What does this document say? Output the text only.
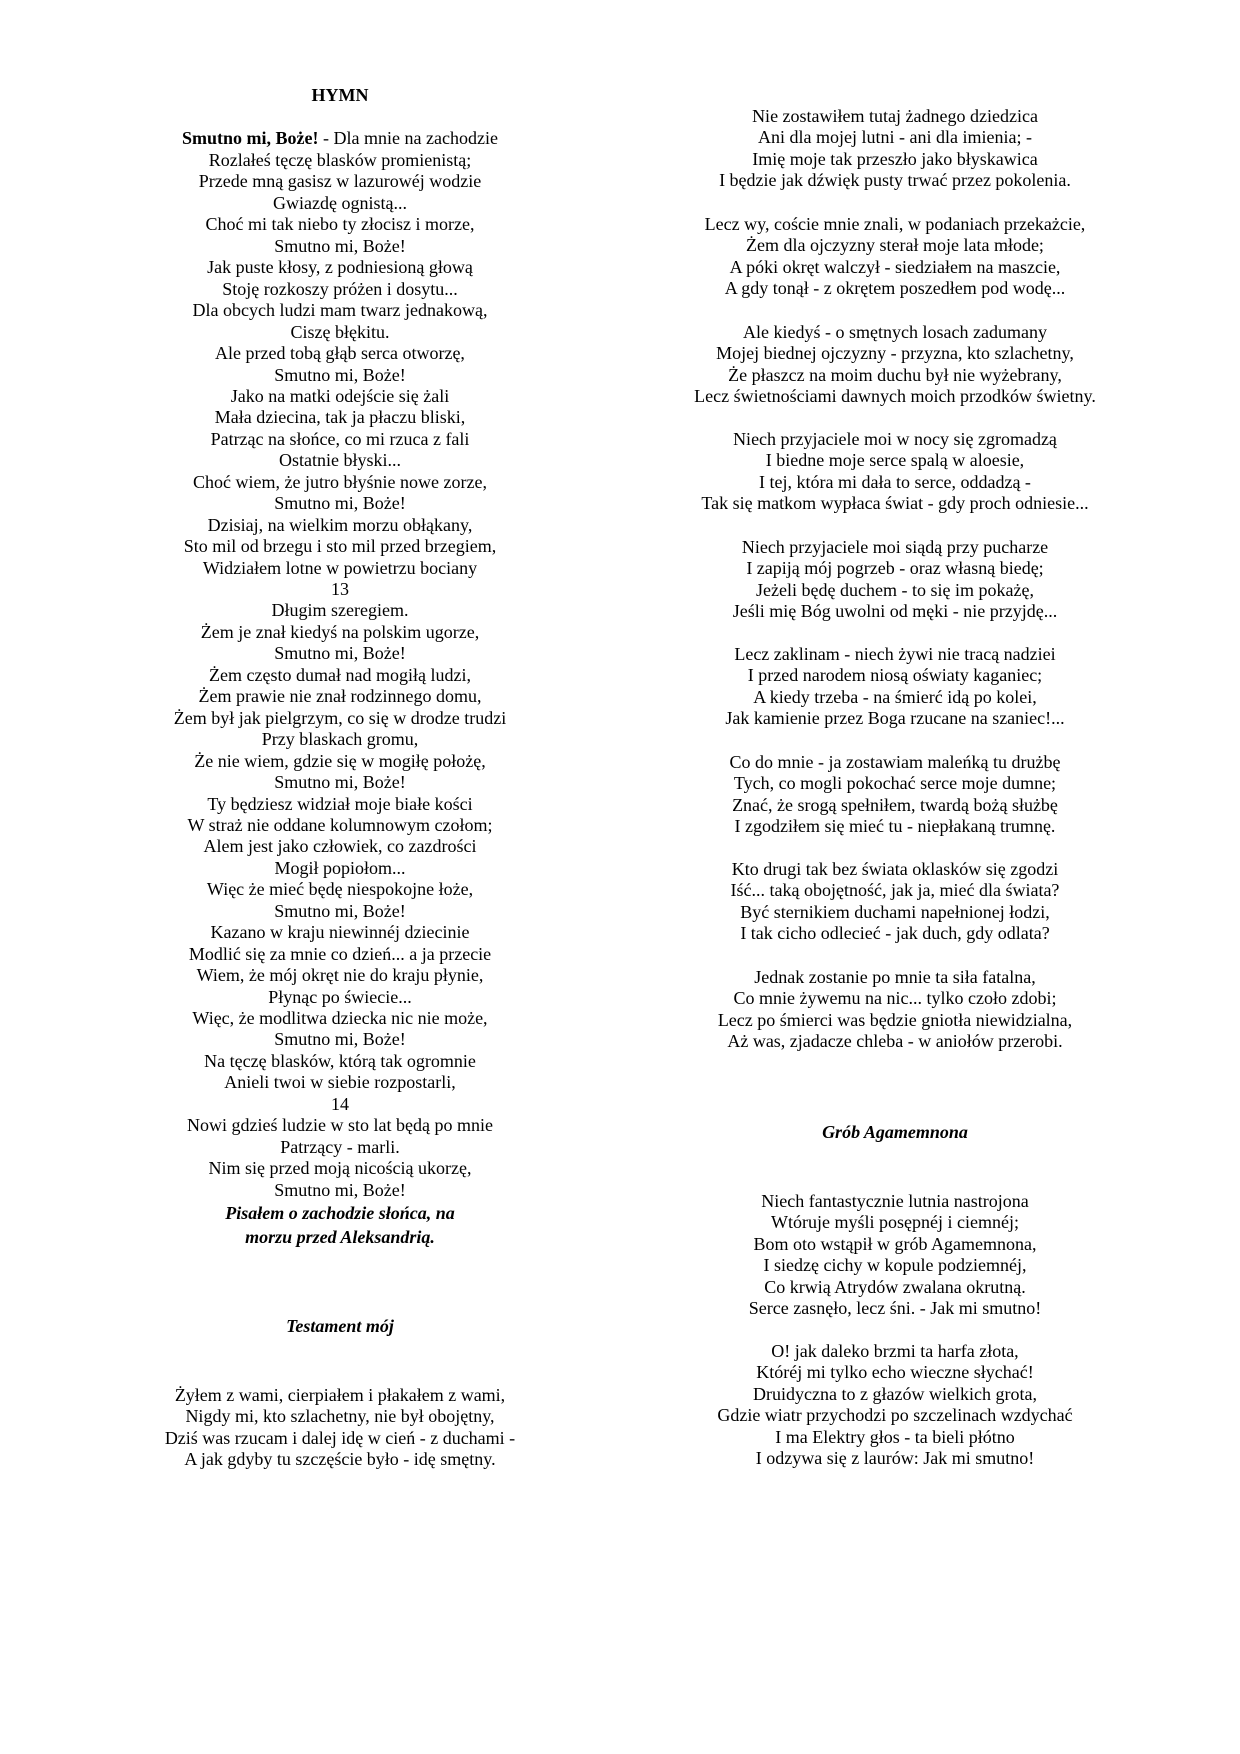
HYMN
Smutno mi, Boże! - Dla mnie na zachodzie
Rozlałeś tęczę blasków promienistą;
Przede mną gasisz w lazurowéj wodzie
Gwiazdę ognistą...
Choć mi tak niebo ty złocisz i morze,
Smutno mi, Boże!
Jak puste kłosy, z podniesioną głową
Stoję rozkoszy próżen i dosytu...
Dla obcych ludzi mam twarz jednakową,
Ciszę błękitu.
Ale przed tobą głąb serca otworzę,
Smutno mi, Boże!
Jako na matki odejście się żali
Mała dziecina, tak ja płaczu bliski,
Patrząc na słońce, co mi rzuca z fali
Ostatnie błyski...
Choć wiem, że jutro błyśnie nowe zorze,
Smutno mi, Boże!
Dzisiaj, na wielkim morzu obłąkany,
Sto mil od brzegu i sto mil przed brzegiem,
Widziałem lotne w powietrzu bociany
13
Długim szeregiem.
Żem je znał kiedyś na polskim ugorze,
Smutno mi, Boże!
Żem często dumał nad mogiłą ludzi,
Żem prawie nie znał rodzinnego domu,
Żem był jak pielgrzym, co się w drodze trudzi
Przy blaskach gromu,
Że nie wiem, gdzie się w mogiłę położę,
Smutno mi, Boże!
Ty będziesz widział moje białe kości
W straż nie oddane kolumnowym czołom;
Alem jest jako człowiek, co zazdrości
Mogił popiołom...
Więc że mieć będę niespokojne łoże,
Smutno mi, Boże!
Kazano w kraju niewinnéj dziecinie
Modlić się za mnie co dzień... a ja przecie
Wiem, że mój okręt nie do kraju płynie,
Płynąc po świecie...
Więc, że modlitwa dziecka nic nie może,
Smutno mi, Boże!
Na tęczę blasków, którą tak ogromnie
Anieli twoi w siebie rozpostarli,
14
Nowi gdzieś ludzie w sto lat będą po mnie
Patrzący - marli.
Nim się przed moją nicością ukorzę,
Smutno mi, Boże!
Pisałem o zachodzie słońca, na
morzu przed Aleksandrią.
Testament mój
Żyłem z wami, cierpiałem i płakałem z wami,
Nigdy mi, kto szlachetny, nie był obojętny,
Dziś was rzucam i dalej idę w cień - z duchami -
A jak gdyby tu szczęście było - idę smętny.
Nie zostawiłem tutaj żadnego dziedzica
Ani dla mojej lutni - ani dla imienia; -
Imię moje tak przeszło jako błyskawica
I będzie jak dźwięk pusty trwać przez pokolenia.
Lecz wy, coście mnie znali, w podaniach przekażcie,
Żem dla ojczyzny sterał moje lata młode;
A póki okręt walczył - siedziałem na maszcie,
A gdy tonął - z okrętem poszedłem pod wodę...
Ale kiedyś - o smętnych losach zadumany
Mojej biednej ojczyzny - przyzna, kto szlachetny,
Że płaszcz na moim duchu był nie wyżebrany,
Lecz świetnościami dawnych moich przodków świetny.
Niech przyjaciele moi w nocy się zgromadzą
I biedne moje serce spalą w aloesie,
I tej, która mi dała to serce, oddadzą -
Tak się matkom wypłaca świat - gdy proch odniesie...
Niech przyjaciele moi siądą przy pucharze
I zapiją mój pogrzeb - oraz własną biedę;
Jeżeli będę duchem - to się im pokażę,
Jeśli mię Bóg uwolni od męki - nie przyjdę...
Lecz zaklinam - niech żywi nie tracą nadziei
I przed narodem niosą oświaty kaganiec;
A kiedy trzeba - na śmierć idą po kolei,
Jak kamienie przez Boga rzucane na szaniec!...
Co do mnie - ja zostawiam maleńką tu drużbę
Tych, co mogli pokochać serce moje dumne;
Znać, że srogą spełniłem, twardą bożą służbę
I zgodziłem się mieć tu - niepłakaną trumnę.
Kto drugi tak bez świata oklasków się zgodzi
Iść... taką obojętność, jak ja, mieć dla świata?
Być sternikiem duchami napełnionej łodzi,
I tak cicho odlecieć - jak duch, gdy odlata?
Jednak zostanie po mnie ta siła fatalna,
Co mnie żywemu na nic... tylko czoło zdobi;
Lecz po śmierci was będzie gniotła niewidzialna,
Aż was, zjadacze chleba - w aniołów przerobi.
Grób Agamemnona
Niech fantastycznie lutnia nastrojona
Wtóruje myśli posępnéj i ciemnéj;
Bom oto wstąpił w grób Agamemnona,
I siedzę cichy w kopule podziemnéj,
Co krwią Atrydów zwalana okrutną.
Serce zasnęło, lecz śni. - Jak mi smutno!
O! jak daleko brzmi ta harfa złota,
Któréj mi tylko echo wieczne słychać!
Druidyczna to z głazów wielkich grota,
Gdzie wiatr przychodzi po szczelinach wzdychać
I ma Elektry głos - ta bieli płótno
I odzywa się z laurów: Jak mi smutno!
